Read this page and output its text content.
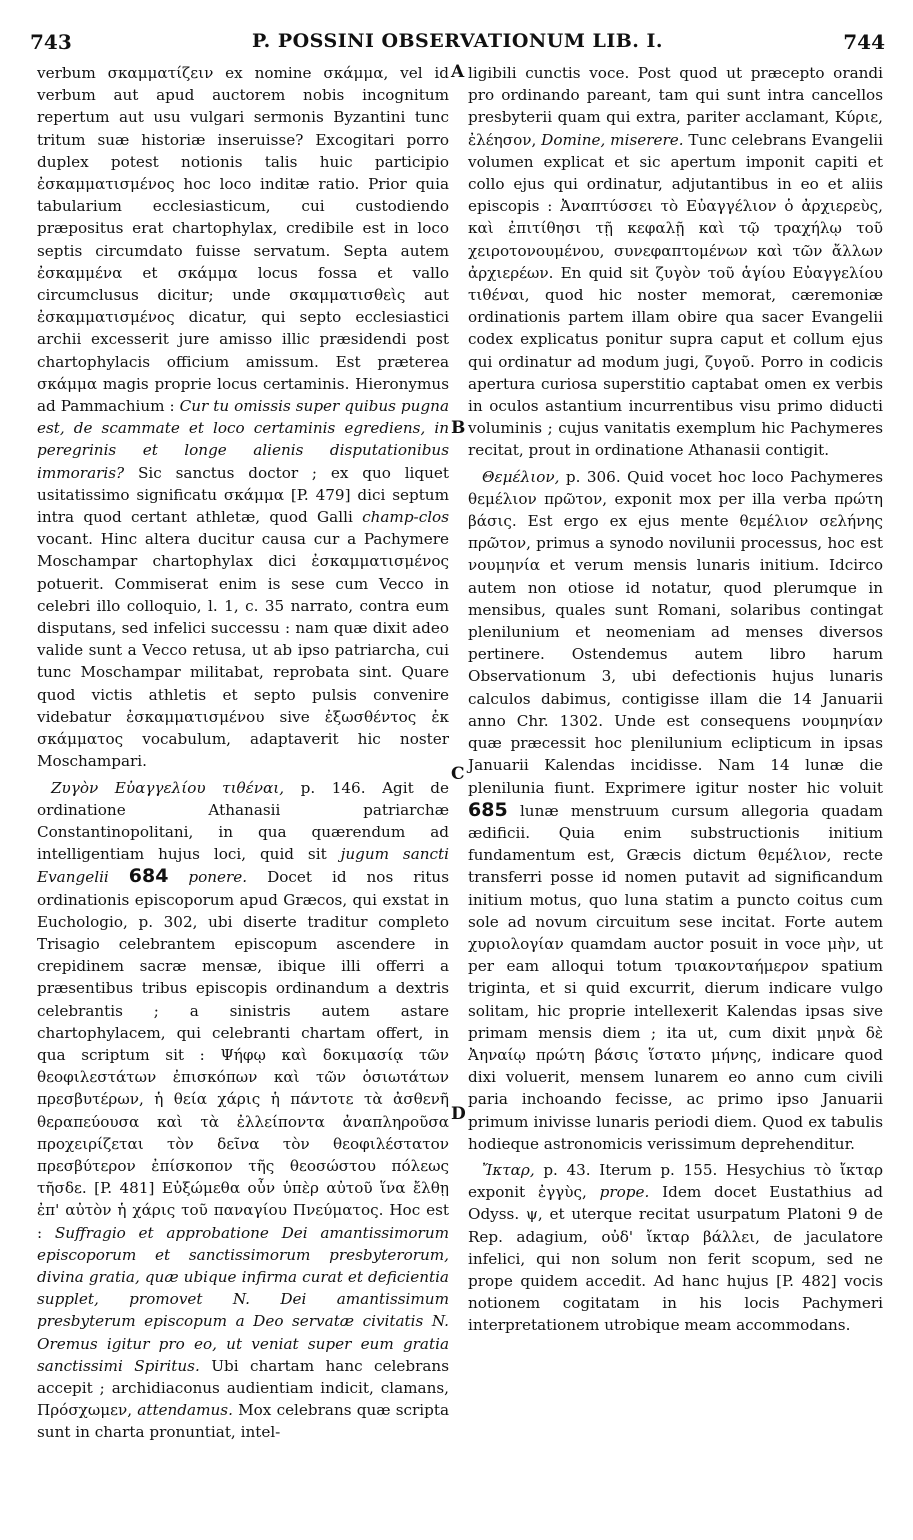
743	P. POSSINI OBSERVATIONUM LIB. I.	744
A
B
C
D

verbum σκαμματίζειν ex nomine σκάμμα, vel id verbum aut apud auctorem nobis incognitum repertum aut usu vulgari sermonis Byzantini tunc tritum suæ historiæ inseruisse? Excogitari porro duplex potest notionis talis huic participio ἐσκαμματισμένος hoc loco inditæ ratio. Prior quia tabularium ecclesiasticum, cui custodiendo præpositus erat chartophylax, credibile est in loco septis circumdato fuisse servatum. Septa autem ἐσκαμμένα et σκάμμα locus fossa et vallo circumclusus dicitur; unde σκαμματισθεὶς aut ἐσκαμματισμένος dicatur, qui septo ecclesiastici archii excesserit jure amisso illic præsidendi post chartophylacis officium amissum. Est præterea σκάμμα magis proprie locus certaminis. Hieronymus ad Pammachium : Cur tu omissis super quibus pugna est, de scammate et loco certaminis egrediens, in peregrinis et longe alienis disputationibus immoraris? Sic sanctus doctor ; ex quo liquet usitatissimo significatu σκάμμα [P. 479] dici septum intra quod certant athletæ, quod Galli champ-clos vocant. Hinc altera ducitur causa cur a Pachymere Moschampar chartophylax dici ἐσκαμματισμένος potuerit. Commiserat enim is sese cum Vecco in celebri illo colloquio, l. 1, c. 35 narrato, contra eum disputans, sed infelici successu : nam quæ dixit adeo valide sunt a Vecco retusa, ut ab ipso patriarcha, cui tunc Moschampar militabat, reprobata sint. Quare quod victis athletis et septo pulsis convenire videbatur ἐσκαμματισμένου sive ἐξωσθέντος ἐκ σκάμματος vocabulum, adaptaverit hic noster Moschampari.

Ζυγὸν Εὐαγγελίου τιθέναι, p. 146. Agit de ordinatione Athanasii patriarchæ Constantinopolitani, in qua quærendum ad intelligentiam hujus loci, quid sit jugum sancti Evangelii 684 ponere. Docet id nos ritus ordinationis episcoporum apud Græcos, qui exstat in Euchologio, p. 302, ubi diserte traditur completo Trisagio celebrantem episcopum ascendere in crepidinem sacræ mensæ, ibique illi offerri a præsentibus tribus episcopis ordinandum a dextris celebrantis ; a sinistris autem astare chartophylacem, qui celebranti chartam offert, in qua scriptum sit : Ψήφῳ καὶ δοκιμασίᾳ τῶν θεοφιλεστάτων ἐπισκόπων καὶ τῶν ὁσιωτάτων πρεσβυτέρων, ἡ θεία χάρις ἡ πάντοτε τὰ ἀσθενῆ θεραπεύουσα καὶ τὰ ἐλλείποντα ἀναπληροῦσα προχειρίζεται τὸν δεῖνα τὸν θεοφιλέστατον πρεσβύτερον ἐπίσκοπον τῆς θεοσώστου πόλεως τῆσδε. [P. 481] Εὐξώμεθα οὖν ὑπὲρ αὐτοῦ ἵνα ἔλθῃ ἐπ' αὐτὸν ἡ χάρις τοῦ παναγίου Πνεύματος. Hoc est : Suffragio et approbatione Dei amantissimorum episcoporum et sanctissimorum presbyterorum, divina gratia, quæ ubique infirma curat et deficientia supplet, promovet N. Dei amantissimum presbyterum episcopum a Deo servatæ civitatis N. Oremus igitur pro eo, ut veniat super eum gratia sanctissimi Spiritus. Ubi chartam hanc celebrans accepit ; archidiaconus audientiam indicit, clamans, Πρόσχωμεν, attendamus. Mox celebrans quæ scripta sunt in charta pronuntiat, intel-

ligibili cunctis voce. Post quod ut præcepto orandi pro ordinando pareant, tam qui sunt intra cancellos presbyterii quam qui extra, pariter acclamant, Κύριε, ἐλέησον, Domine, miserere. Tunc celebrans Evangelii volumen explicat et sic apertum imponit capiti et collo ejus qui ordinatur, adjutantibus in eo et aliis episcopis : Ἀναπτύσσει τὸ Εὐαγγέλιον ὁ ἀρχιερεὺς, καὶ ἐπιτίθησι τῇ κεφαλῇ καὶ τῷ τραχήλῳ τοῦ χειροτονουμένου, συνεφαπτομένων καὶ τῶν ἄλλων ἀρχιερέων. En quid sit ζυγὸν τοῦ ἁγίου Εὐαγγελίου τιθέναι, quod hic noster memorat, cæremoniæ ordinationis partem illam obire qua sacer Evangelii codex explicatus ponitur supra caput et collum ejus qui ordinatur ad modum jugi, ζυγοῦ. Porro in codicis apertura curiosa superstitio captabat omen ex verbis in oculos astantium incurrentibus visu primo diducti voluminis ; cujus vanitatis exemplum hic Pachymeres recitat, prout in ordinatione Athanasii contigit.

Θεμέλιον, p. 306. Quid vocet hoc loco Pachymeres θεμέλιον πρῶτον, exponit mox per illa verba πρώτη βάσις. Est ergo ex ejus mente θεμέλιον σελήνης πρῶτον, primus a synodo novilunii processus, hoc est νουμηνία et verum mensis lunaris initium. Idcirco autem non otiose id notatur, quod plerumque in mensibus, quales sunt Romani, solaribus contingat plenilunium et neomeniam ad menses diversos pertinere. Ostendemus autem libro harum Observationum 3, ubi defectionis hujus lunaris calculos dabimus, contigisse illam die 14 Januarii anno Chr. 1302. Unde est consequens νουμηνίαν quæ præcessit hoc plenilunium eclipticum in ipsas Januarii Kalendas incidisse. Nam 14 lunæ die plenilunia fiunt. Exprimere igitur noster hic voluit 685 lunæ menstruum cursum allegoria quadam ædificii. Quia enim substructionis initium fundamentum est, Græcis dictum θεμέλιον, recte transferri posse id nomen putavit ad significandum initium motus, quo luna statim a puncto coitus cum sole ad novum circuitum sese incitat. Forte autem χυριολογίαν quamdam auctor posuit in voce μὴν, ut per eam alloqui totum τριακονταήμερον spatium triginta, et si quid excurrit, dierum indicare vulgo solitam, hic proprie intellexerit Kalendas ipsas sive primam mensis diem ; ita ut, cum dixit μηνὰ δὲ Ἀηναίῳ πρώτη βάσις ἵστατο μήνης, indicare quod dixi voluerit, mensem lunarem eo anno cum civili paria inchoando fecisse, ac primo ipso Januarii primum inivisse lunaris periodi diem. Quod ex tabulis hodieque astronomicis verissimum deprehenditur.

Ἴκταρ, p. 43. Iterum p. 155. Hesychius τὸ ἴκταρ exponit ἐγγὺς, prope. Idem docet Eustathius ad Odyss. ψ, et uterque recitat usurpatum Platoni 9 de Rep. adagium, οὐδ' ἴκταρ βάλλει, de jaculatore infelici, qui non solum non ferit scopum, sed ne prope quidem accedit. Ad hanc hujus [P. 482] vocis notionem cogitatam in his locis Pachymeri interpretationem utrobique meam accommodans.
